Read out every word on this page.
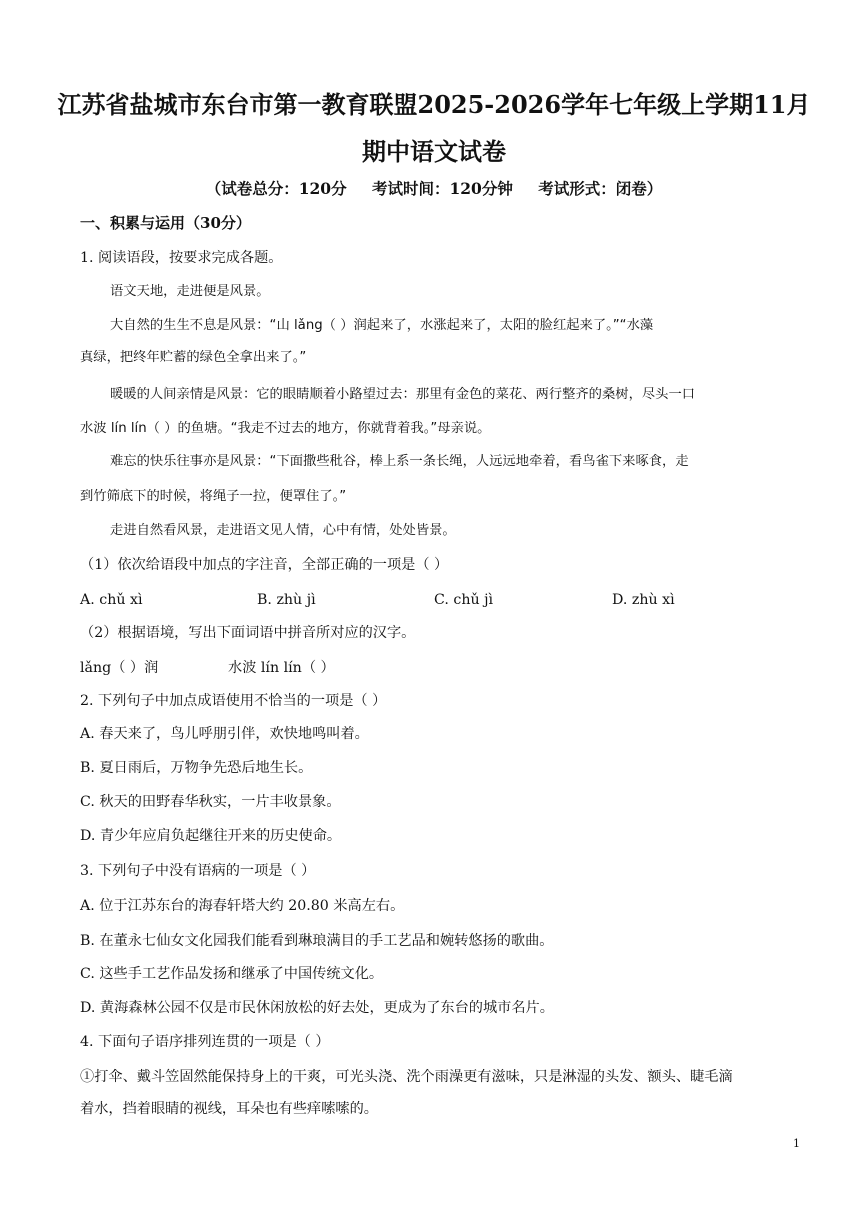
江苏省盐城市东台市第一教育联盟2025-2026学年七年级上学期11月
期中语文试卷
（试卷总分：120分 考试时间：120分钟 考试形式：闭卷）
一、积累与运用（30分）
1. 阅读语段，按要求完成各题。
语文天地，走进便是风景。
大自然的生生不息是风景：“山 lǎng（ ）润起来了，水涨起来了，太阳的脸红起来了。”“水藻
真绿，把终年贮蓄的绿色全拿出来了。”
暖暖的人间亲情是风景：它的眼睛顺着小路望过去：那里有金色的菜花、两行整齐的桑树，尽头一口
水波 lín lín（ ）的鱼塘。“我走不过去的地方，你就背着我。”母亲说。
难忘的快乐往事亦是风景：“下面撒些秕谷，棒上系一条长绳，人远远地牵着，看鸟雀下来啄食，走
到竹筛底下的时候，将绳子一拉，便罩住了。”
走进自然看风景，走进语文见人情，心中有情，处处皆景。
（1）依次给语段中加点的字注音，全部正确的一项是（ ）
A. chǔ xì	B. zhù jì	C. chǔ jì	D. zhù xì
（2）根据语境，写出下面词语中拼音所对应的汉字。
lǎng（ ）润	水波 lín lín（ ）
2. 下列句子中加点成语使用不恰当的一项是（ ）
A. 春天来了，鸟儿呼朋引伴，欢快地鸣叫着。
B. 夏日雨后，万物争先恐后地生长。
C. 秋天的田野春华秋实，一片丰收景象。
D. 青少年应肩负起继往开来的历史使命。
3. 下列句子中没有语病的一项是（ ）
A. 位于江苏东台的海春轩塔大约 20.80 米高左右。
B. 在董永七仙女文化园我们能看到琳琅满目的手工艺品和婉转悠扬的歌曲。
C. 这些手工艺作品发扬和继承了中国传统文化。
D. 黄海森林公园不仅是市民休闲放松的好去处，更成为了东台的城市名片。
4. 下面句子语序排列连贯的一项是（ ）
①打伞、戴斗笠固然能保持身上的干爽，可光头浇、洗个雨澡更有滋味，只是淋湿的头发、额头、睫毛滴
着水，挡着眼睛的视线，耳朵也有些痒嗦嗦的。
1
